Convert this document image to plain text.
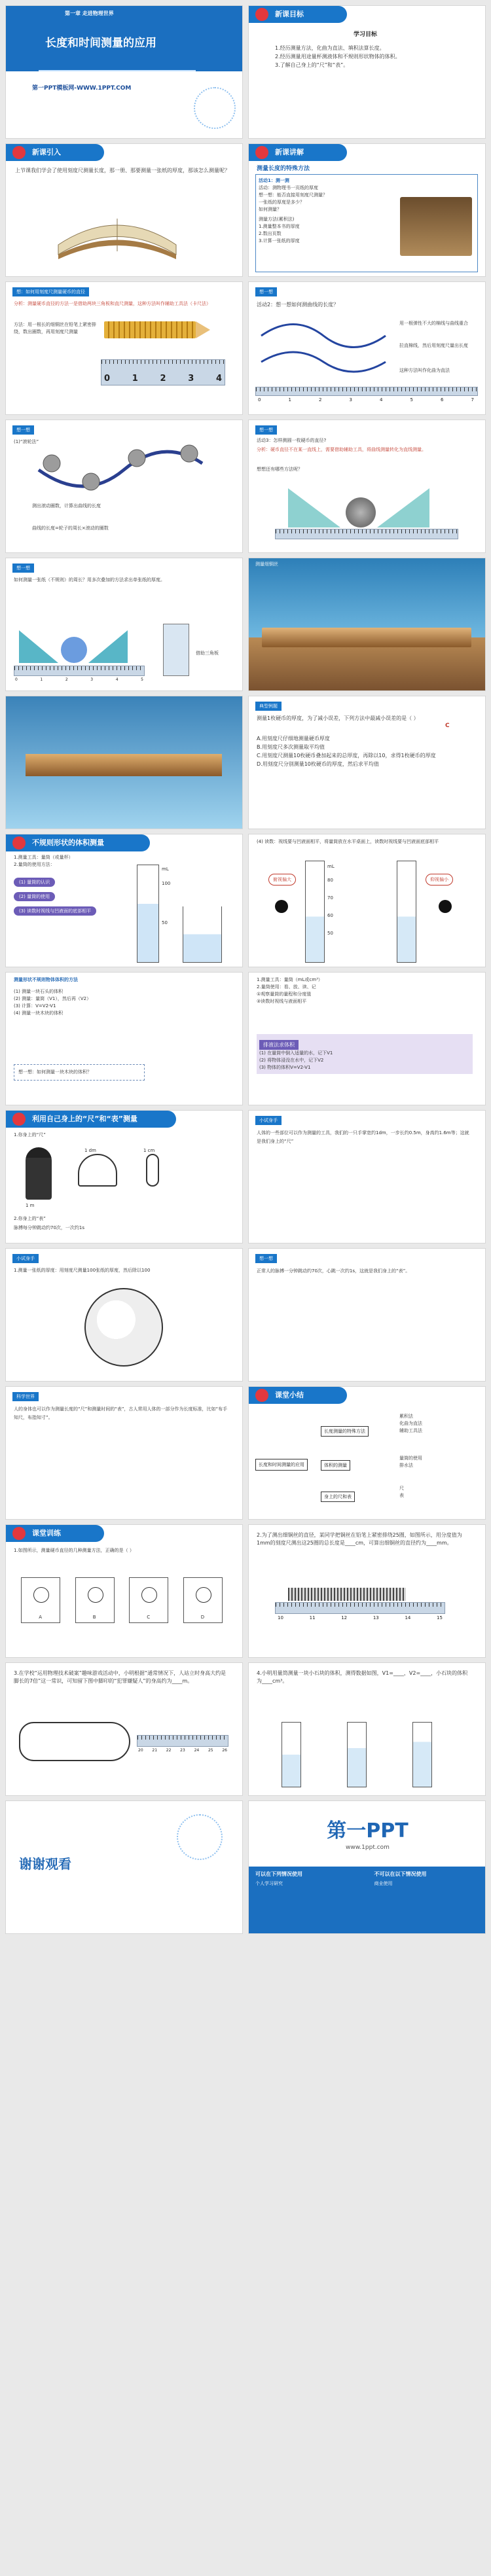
第一章 走进物理世界
长度和时间测量的应用
第一PPT模板网-WWW.1PPT.COM
新课目标
学习目标
1.经历测量方法，化曲为直法、填积法算长度。
2.经历测量用途量杯测液体和不规则形状物体的体积。
3.了解自己身上的“尺”和“表”。
新课引入
上节课我们学会了使用刻度尺测量长度，那一册、那要测量一张纸的厚度，那该怎么测量呢？
新课讲解
测量长度的特殊方法
活动1：测一测
活动：测物理书一页纸的厚度
想一想：能否直接用刻度尺测量？
一张纸的厚度是多少？
如何测量？
测量方法(累积法)
1.测量整本书的厚度
2.数出页数
3.计算一张纸的厚度
想：如何用刻度尺测量硬币的直径
分析：测量硬币直径的方法一是借助两块三角板和直尺测量，这种方法叫作辅助工具法（卡尺法）
方法：用一根长的细铜丝在铅笔上紧密排绕，数出圈数，再用刻度尺测量
0	1	2	3	4
想一想
活动2：想一想如何测曲线的长度？
用一根弹性不大的棉线与曲线重合
拉直棉线，然后用刻度尺量出长度
这种方法叫作化曲为直法
0	1	2	3	4	5	6	7
想一想
(1)“滚轮法”
测出滚动圈数，计算出曲线的长度
曲线的长度=轮子的周长×滚动的圈数
想一想
活动3：怎样测圆一枚硬币的直径?
分析：硬币直径不在某一直线上，需要借助辅助工具，将曲线测量转化为直线测量。
想想还有哪些方法呢？
想一想
如何测量一张纸（不规则）的周长？用多次叠加的方法求出单张纸的厚度。
0	1	2	3	4	5
借助三角板
测量细铜丝
典型例题
测量1枚硬币的厚度，为了减小误差，下列方法中最减小误差的是（ ）
A.用刻度尺仔细地测量硬币厚度
B.用刻度尺多次测量取平均值
C.用刻度尺测量10枚硬币叠加起来的总厚度，再除以10，求得1枚硬币的厚度
D.用刻度尺分别测量10枚硬币的厚度，然后求平均值
C
不规则形状的体积测量
1.测量工具：量筒（或量杯）
2.量筒的使用方法：
(1) 量筒的认识
(2) 量筒的使用
(3) 读数时视线与凹液面的底部相平
mL
100
50
(4) 读数：视线要与凹液面相平，将量筒放在水平桌面上，读数时视线要与凹液面底部相平
俯视偏大	仰视偏小
mL
80
70
60
50
测量形状不规则物体体积的方法
(1) 测量一块石头的体积
(2) 测量：量筒（V1），然后再（V2）
(3) 计算：V=V2-V1
(4) 测量一块木块的体积
想一想：如何测量一块木块的体积？
1.测量工具：量筒（mL或cm³）
2.量筒使用：看、放、读、记
①观察量筒的量程和分度值
②读数时视线与液面相平
排液法求体积
(1) 在量筒中倒入适量的水，记下V1
(2) 将物体浸没在水中，记下V2
(3) 物体的体积V=V2-V1
利用自己身上的“尺”和“表”测量
1.你身上的“尺”
1 m
1 dm	1 cm
2.你身上的“表”
脉搏每分钟跳动约70次，一次约1s
小试身手
人体的一些部位可以作为测量的工具，我们的一只手掌宽约1dm，一步长约0.5m，身高约1.6m等；这就是我们身上的“尺”
小试身手
1.测量一张纸的厚度：用刻度尺测量100张纸的厚度，然后除以100
想一想
正常人的脉搏一分钟跳动约70次，心跳一次约1s，这就是我们身上的“表”。
科学世界
人的身体也可以作为测量长度的“尺”和测量时间的“表”，古人常用人体的一部分作为长度标准，比如“布手知尺，布指知寸”。
课堂小结
长度和时间测量的应用
长度测量的特殊方法
体积的测量
身上的尺和表
累积法
化曲为直法
辅助工具法
量筒的使用
排水法
尺
表
课堂训练
1.如图所示，测量硬币直径的几种测量方法，正确的是（ ）
A	B	C	D
2.为了测出细铜丝的直径，某同学把铜丝在铅笔上紧密排绕25圈，如图所示，用分度值为1mm的刻度尺测出这25圈的总长度是____cm，可算出细铜丝的直径约为____mm。
10	11	12	13	14	15
3.在学校“运用物理技术破案”趣味游戏活动中，小明根据“通常情况下，人站立时身高大约是脚长的7倍”这一常识，可知留下图中脚印的“犯罪嫌疑人”的身高约为____m。
20 21 22 23 24 25 26
4.小明用量筒测量一块小石块的体积，测得数据如图，V1=____，V2=____，小石块的体积为____cm³。
谢谢观看
第一PPT
www.1ppt.com
可以在下列情况使用
个人学习研究
不可以在以下情况使用
商业使用
